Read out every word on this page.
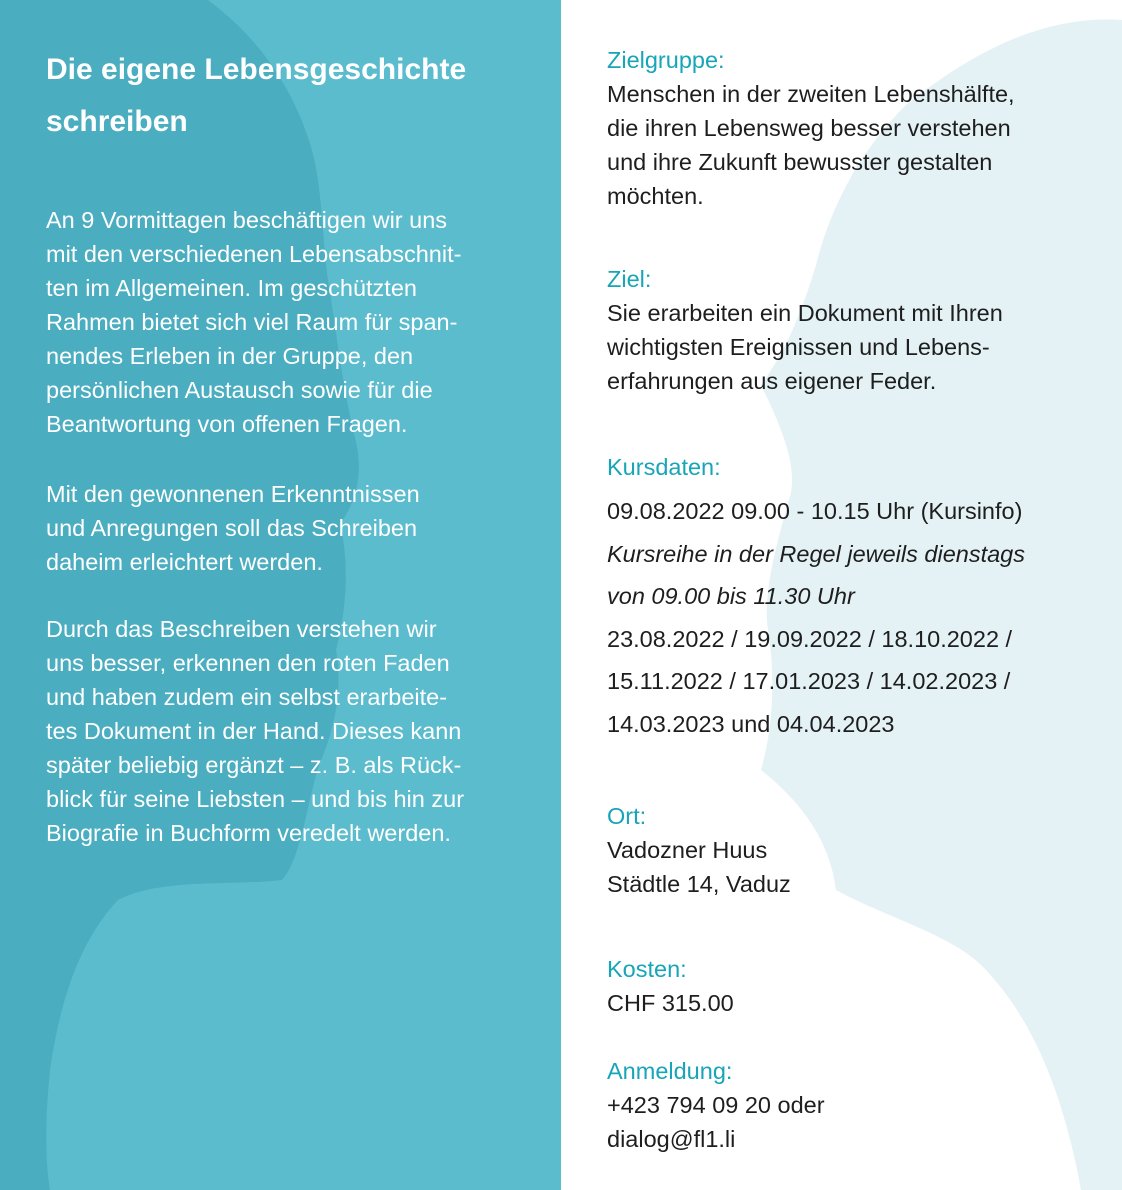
Die eigene Lebensgeschichte
schreiben

An 9 Vormittagen beschäftigen wir uns
mit den verschiedenen Lebensabschnit-
ten im Allgemeinen. Im geschützten
Rahmen bietet sich viel Raum für span-
nendes Erleben in der Gruppe, den
persönlichen Austausch sowie für die
Beantwortung von offenen Fragen.

Mit den gewonnenen Erkenntnissen
und Anregungen soll das Schreiben
daheim erleichtert werden.

Durch das Beschreiben verstehen wir
uns besser, erkennen den roten Faden
und haben zudem ein selbst erarbeite-
tes Dokument in der Hand. Dieses kann
später beliebig ergänzt – z. B. als Rück-
blick für seine Liebsten – und bis hin zur
Biografie in Buchform veredelt werden.

Zielgruppe:
Menschen in der zweiten Lebenshälfte,
die ihren Lebensweg besser verstehen
und ihre Zukunft bewusster gestalten
möchten.
Ziel:
Sie erarbeiten ein Dokument mit Ihren
wichtigsten Ereignissen und Lebens-
erfahrungen aus eigener Feder.
Kursdaten:
09.08.2022 09.00 - 10.15 Uhr (Kursinfo)
Kursreihe in der Regel jeweils dienstags
von 09.00 bis 11.30 Uhr
23.08.2022 / 19.09.2022 / 18.10.2022 /
15.11.2022 / 17.01.2023 / 14.02.2023 /
14.03.2023 und 04.04.2023
Ort:
Vadozner Huus
Städtle 14, Vaduz
Kosten:
CHF 315.00
Anmeldung:
+423 794 09 20 oder
dialog@fl1.li
